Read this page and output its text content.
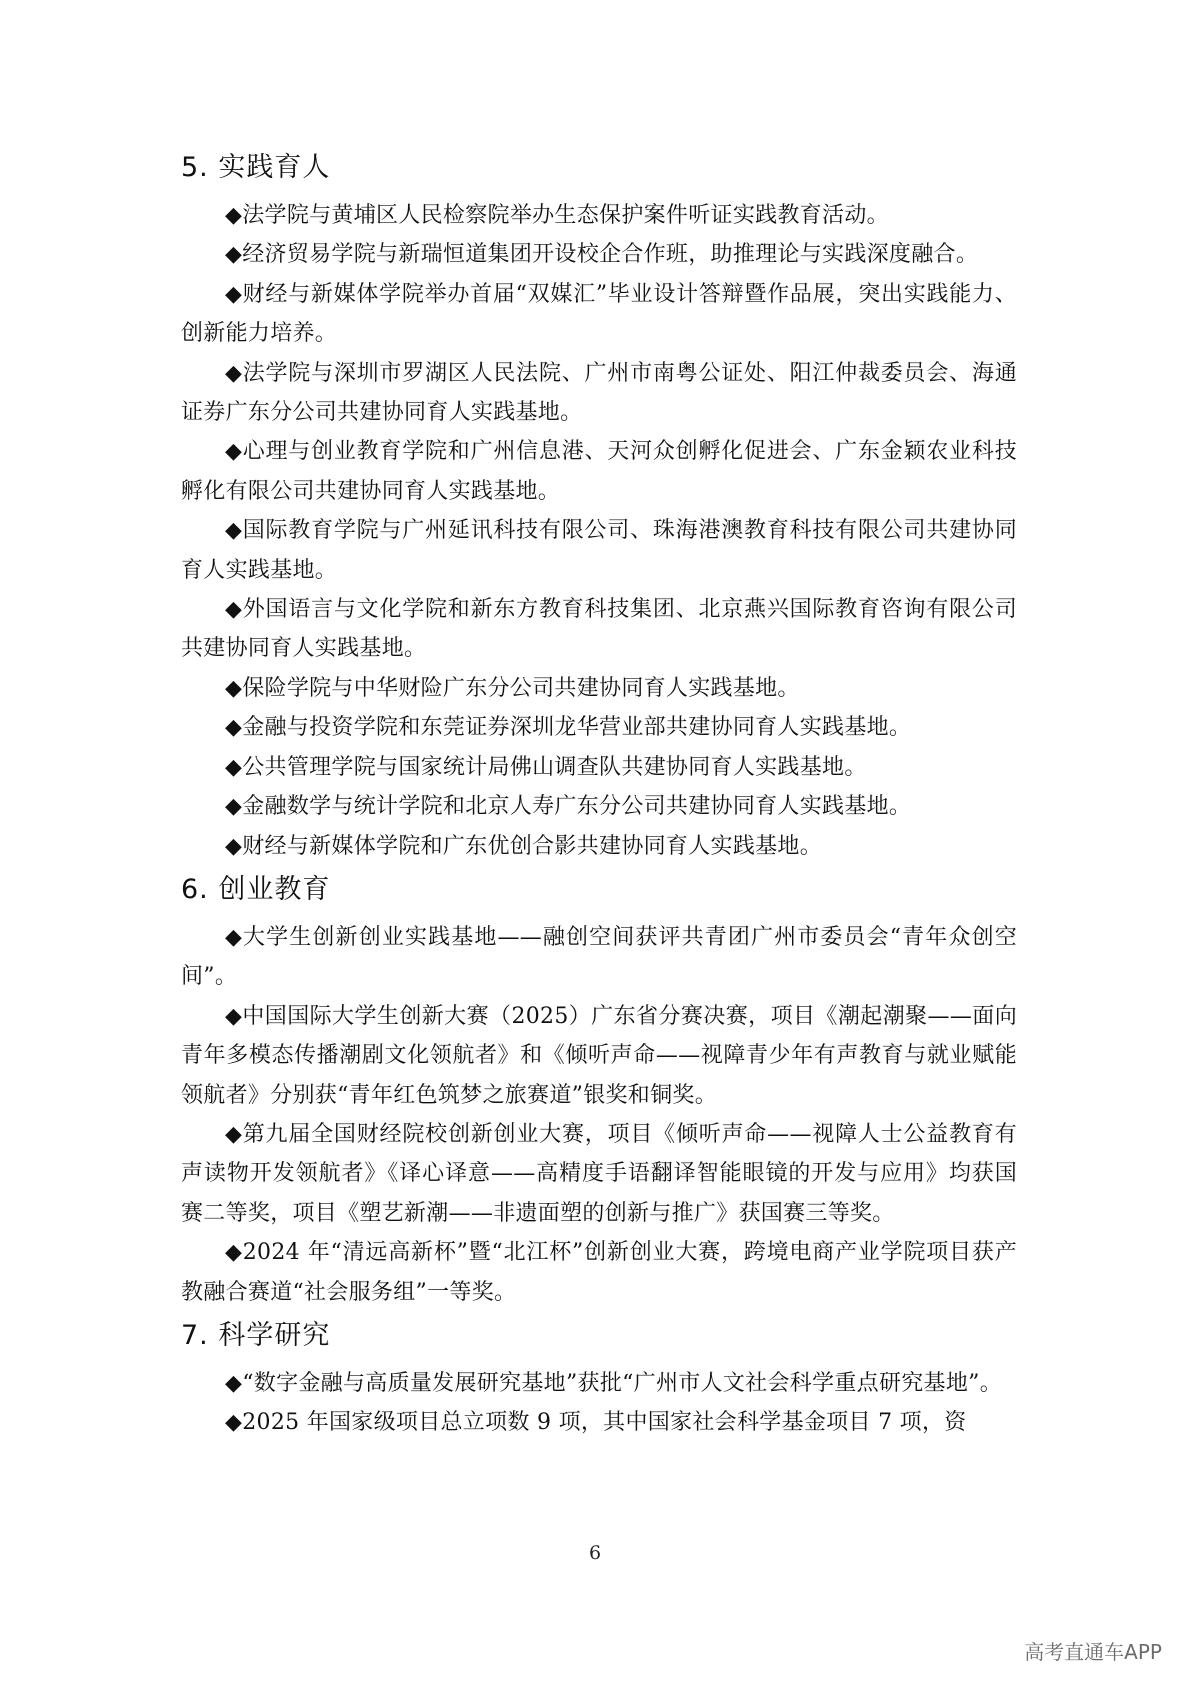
5. 实践育人

◆法学院与黄埔区人民检察院举办生态保护案件听证实践教育活动。

◆经济贸易学院与新瑞恒道集团开设校企合作班，助推理论与实践深度融合。

◆财经与新媒体学院举办首届“双媒汇”毕业设计答辩暨作品展，突出实践能力、创新能力培养。

◆法学院与深圳市罗湖区人民法院、广州市南粤公证处、阳江仲裁委员会、海通证券广东分公司共建协同育人实践基地。

◆心理与创业教育学院和广州信息港、天河众创孵化促进会、广东金颖农业科技孵化有限公司共建协同育人实践基地。

◆国际教育学院与广州延讯科技有限公司、珠海港澳教育科技有限公司共建协同育人实践基地。

◆外国语言与文化学院和新东方教育科技集团、北京燕兴国际教育咨询有限公司共建协同育人实践基地。

◆保险学院与中华财险广东分公司共建协同育人实践基地。

◆金融与投资学院和东莞证券深圳龙华营业部共建协同育人实践基地。

◆公共管理学院与国家统计局佛山调查队共建协同育人实践基地。

◆金融数学与统计学院和北京人寿广东分公司共建协同育人实践基地。

◆财经与新媒体学院和广东优创合影共建协同育人实践基地。

6. 创业教育

◆大学生创新创业实践基地——融创空间获评共青团广州市委员会“青年众创空间”。

◆中国国际大学生创新大赛（2025）广东省分赛决赛，项目《潮起潮聚——面向青年多模态传播潮剧文化领航者》和《倾听声命——视障青少年有声教育与就业赋能领航者》分别获“青年红色筑梦之旅赛道”银奖和铜奖。

◆第九届全国财经院校创新创业大赛，项目《倾听声命——视障人士公益教育有声读物开发领航者》《译心译意——高精度手语翻译智能眼镜的开发与应用》均获国赛二等奖，项目《塑艺新潮——非遗面塑的创新与推广》获国赛三等奖。

◆2024 年“清远高新杯”暨“北江杯”创新创业大赛，跨境电商产业学院项目获产教融合赛道“社会服务组”一等奖。

7. 科学研究

◆“数字金融与高质量发展研究基地”获批“广州市人文社会科学重点研究基地”。

◆2025 年国家级项目总立项数 9 项，其中国家社会科学基金项目 7 项，资

6
高考直通车APP
